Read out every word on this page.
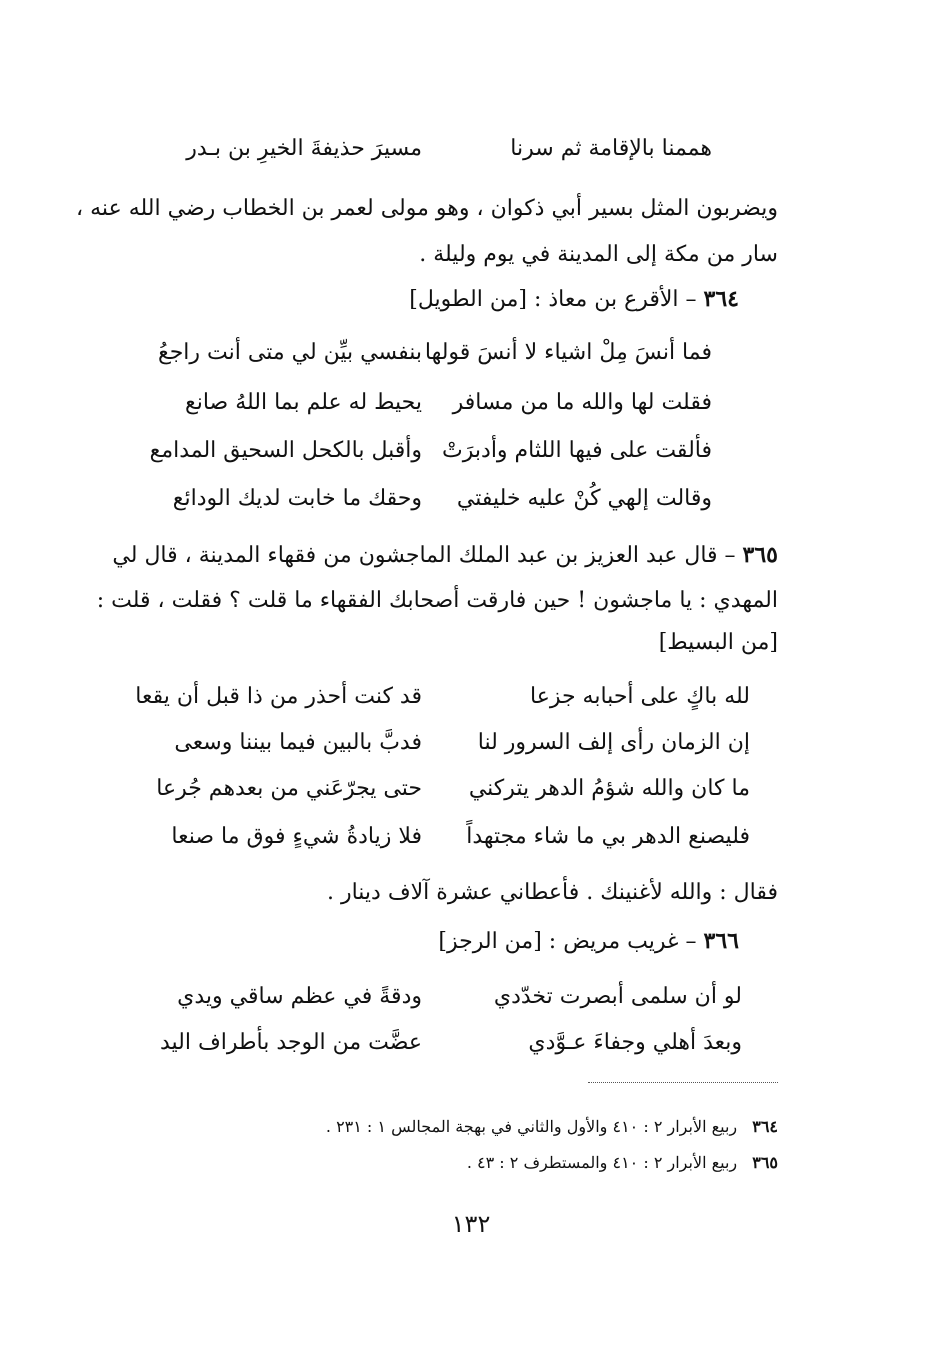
هممنا بالإقامة ثم سرنا
مسيرَ حذيفةَ الخيرِ بن بـدر
ويضربون المثل بسير أبي ذكوان ، وهو مولى لعمر بن الخطاب رضي الله عنه ،
سار من مكة إلى المدينة في يوم وليلة .
٣٦٤ – الأقرع بن معاذ : [من الطويل]
فما أنسَ مِلْ اشياء لا أنسَ قولها
بنفسي بيِّن لي متى أنت راجعُ
فقلت لها والله ما من مسافر
يحيط له علم بما اللهُ صانع
فألقت على فيها اللثام وأدبرَتْ
وأقبل بالكحل السحيق المدامع
وقالت إلهي كُنْ عليه خليفتي
وحقك ما خابت لديك الودائع
٣٦٥ – قال عبد العزيز بن عبد الملك الماجشون من فقهاء المدينة ، قال لي
المهدي : يا ماجشون ! حين فارقت أصحابك الفقهاء ما قلت ؟ فقلت ، قلت :
[من البسيط]
لله باكٍ على أحبابه جزعا
قد كنت أحذر من ذا قبل أن يقعا
إن الزمان رأى إلف السرور لنا
فدبَّ بالبين فيما بيننا وسعى
ما كان والله شؤمُ الدهر يتركني
حتى يجرّعَني من بعدهم جُرعا
فليصنع الدهر بي ما شاء مجتهداً
فلا زيادةُ شيءٍ فوق ما صنعا
فقال : والله لأغنينك . فأعطاني عشرة آلاف دينار .
٣٦٦ – غريب مريض : [من الرجز]
لو أن سلمى أبصرت تخدّدي
ودقةً في عظم ساقي ويدي
وبعدَ أهلي وجفاءَ عـوَّدي
عضَّت من الوجد بأطراف اليد
٣٦٤ ربيع الأبرار ٢ : ٤١٠ والأول والثاني في بهجة المجالس ١ : ٢٣١ .
٣٦٥ ربيع الأبرار ٢ : ٤١٠ والمستطرف ٢ : ٤٣ .
١٣٢
